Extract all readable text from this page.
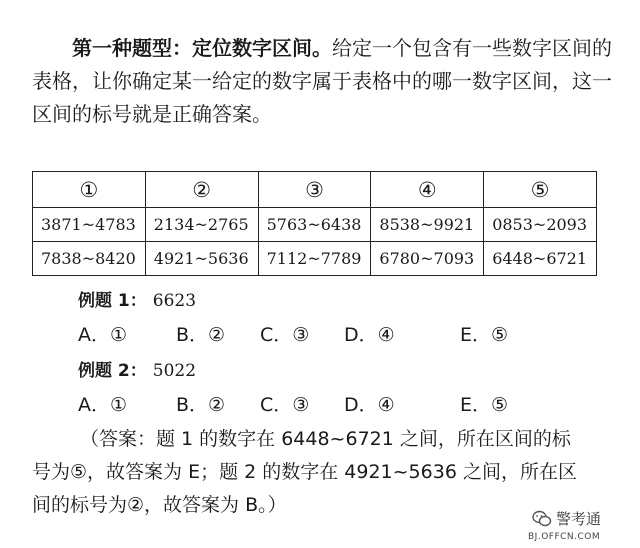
第一种题型：定位数字区间。给定一个包含有一些数字区间的表格，让你确定某一给定的数字属于表格中的哪一数字区间，这一区间的标号就是正确答案。
①	②	③	④	⑤
3871~4783	2134~2765	5763~6438	8538~9921	0853~2093
7838~8420	4921~5636	7112~7789	6780~7093	6448~6721
例题 1： 6623
A．①	B．② C．③ D．④	E．⑤
例题 2： 5022
A．①	B．② C．③ D．④	E．⑤
（答案：题 1 的数字在 6448~6721 之间，所在区间的标
号为⑤，故答案为 E；题 2 的数字在 4921~5636 之间，所在区
间的标号为②，故答案为 B。）
警考通
BJ.OFFCN.COM
